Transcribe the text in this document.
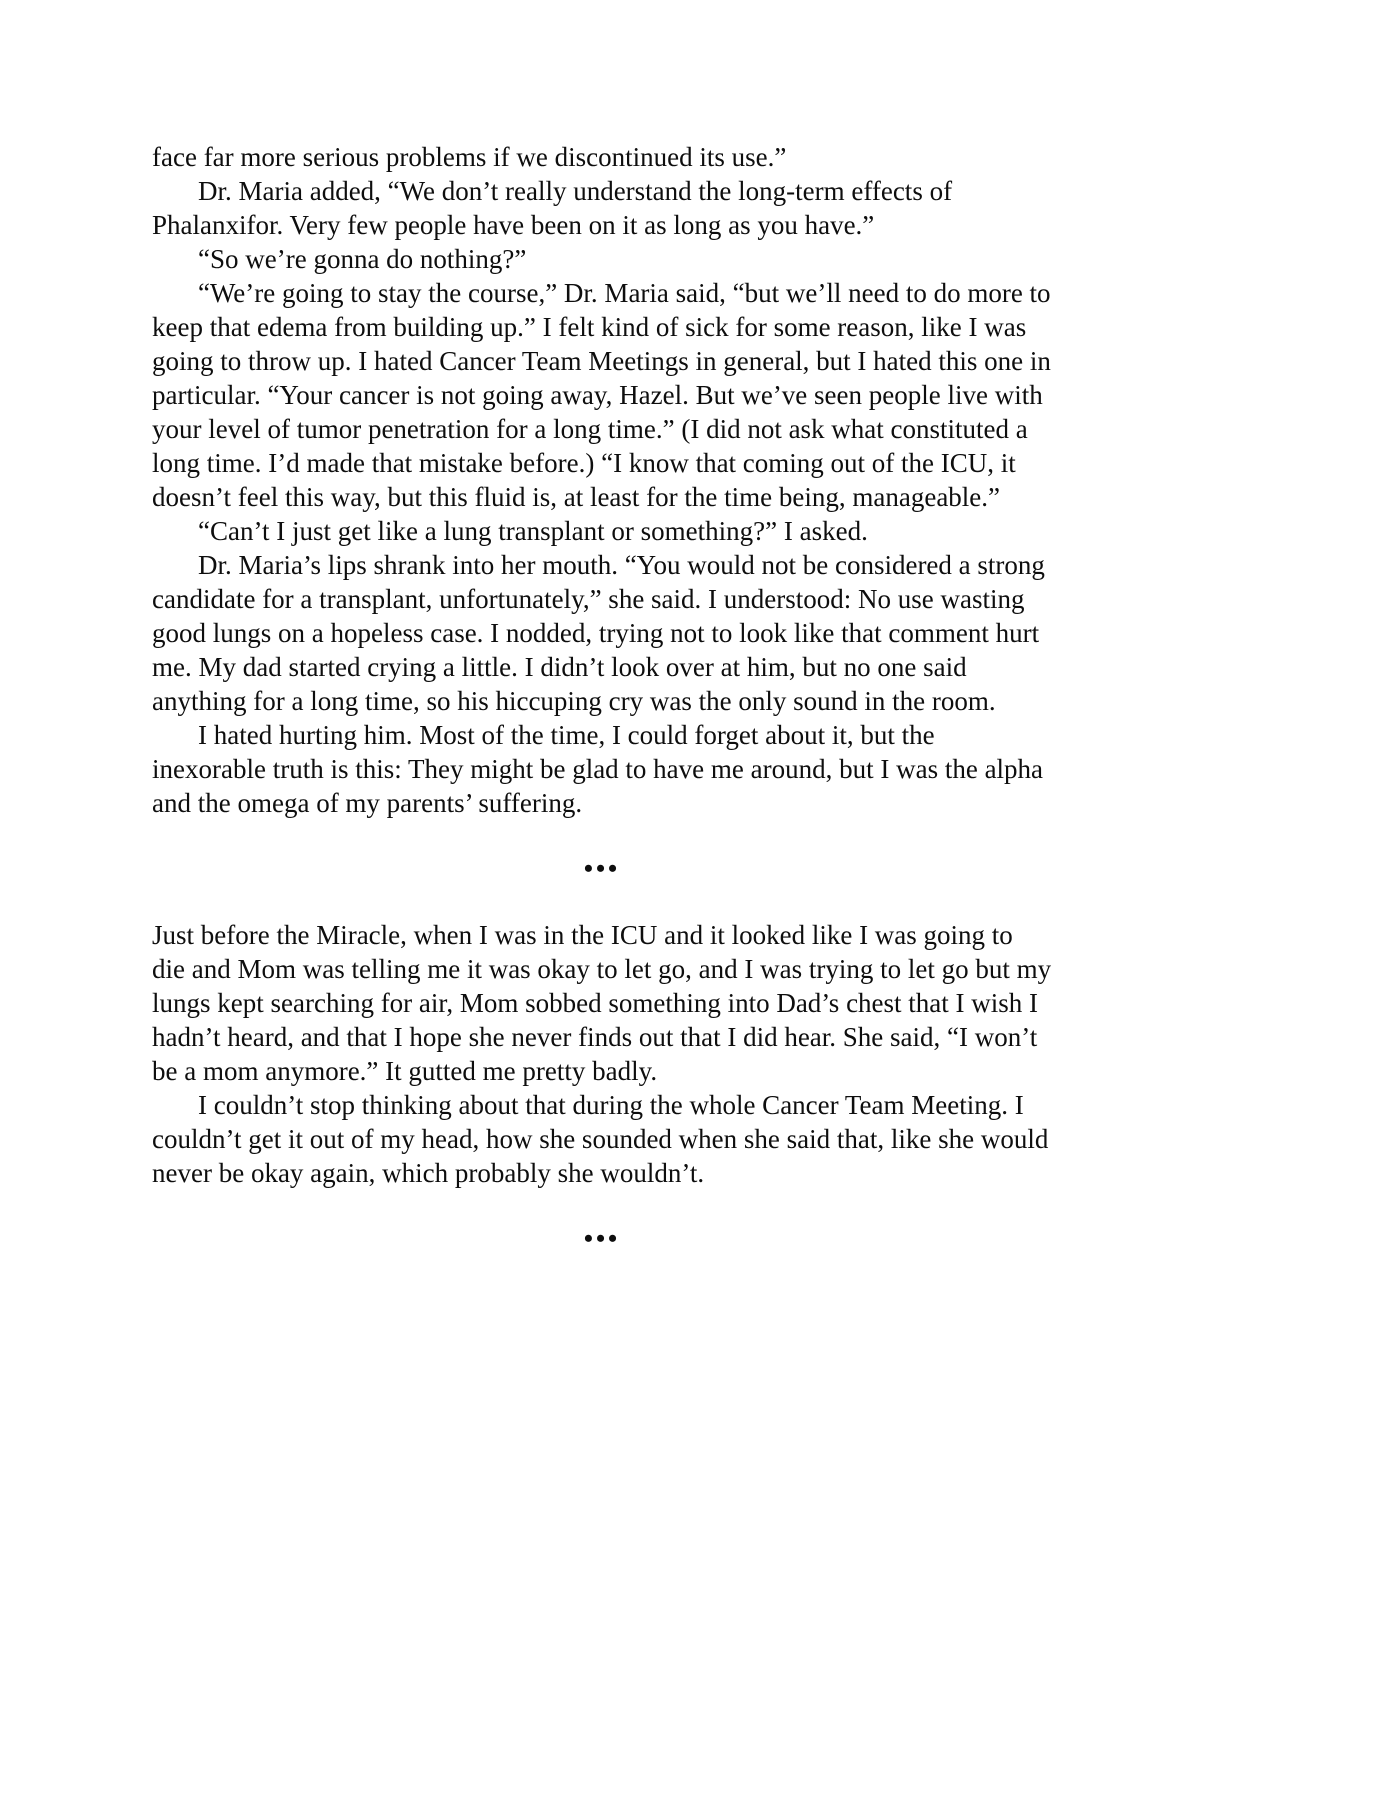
face far more serious problems if we discontinued its use.”

Dr. Maria added, “We don’t really understand the long-term effects of Phalanxifor. Very few people have been on it as long as you have.”

“So we’re gonna do nothing?”

“We’re going to stay the course,” Dr. Maria said, “but we’ll need to do more to keep that edema from building up.” I felt kind of sick for some reason, like I was going to throw up. I hated Cancer Team Meetings in general, but I hated this one in particular. “Your cancer is not going away, Hazel. But we’ve seen people live with your level of tumor penetration for a long time.” (I did not ask what constituted a long time. I’d made that mistake before.) “I know that coming out of the ICU, it doesn’t feel this way, but this fluid is, at least for the time being, manageable.”

“Can’t I just get like a lung transplant or something?” I asked.

Dr. Maria’s lips shrank into her mouth. “You would not be considered a strong candidate for a transplant, unfortunately,” she said. I understood: No use wasting good lungs on a hopeless case. I nodded, trying not to look like that comment hurt me. My dad started crying a little. I didn’t look over at him, but no one said anything for a long time, so his hiccuping cry was the only sound in the room.

I hated hurting him. Most of the time, I could forget about it, but the inexorable truth is this: They might be glad to have me around, but I was the alpha and the omega of my parents’ suffering.

•••

Just before the Miracle, when I was in the ICU and it looked like I was going to die and Mom was telling me it was okay to let go, and I was trying to let go but my lungs kept searching for air, Mom sobbed something into Dad’s chest that I wish I hadn’t heard, and that I hope she never finds out that I did hear. She said, “I won’t be a mom anymore.” It gutted me pretty badly.

I couldn’t stop thinking about that during the whole Cancer Team Meeting. I couldn’t get it out of my head, how she sounded when she said that, like she would never be okay again, which probably she wouldn’t.

•••
